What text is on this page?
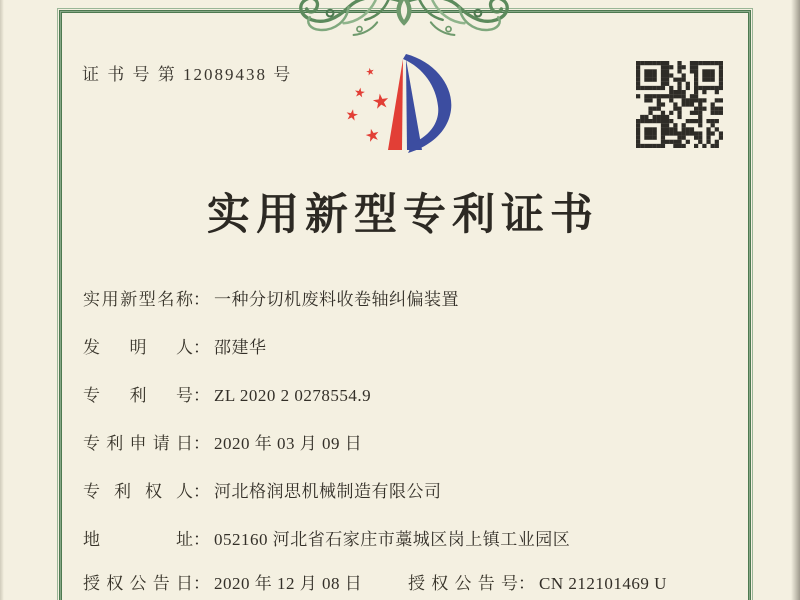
证 书 号 第 12089438 号	★
★ ★
★
★
实用新型专利证书
实用新型名称： 一种分切机废料收卷轴纠偏装置
发明人： 邵建华
专利号： ZL 2020 2 0278554.9
专利申请日： 2020 年 03 月 09 日
专利权人： 河北格润思机械制造有限公司
地址： 052160 河北省石家庄市藁城区岗上镇工业园区
授权公告日： 2020 年 12 月 08 日	授权公告号： CN 212101469 U
